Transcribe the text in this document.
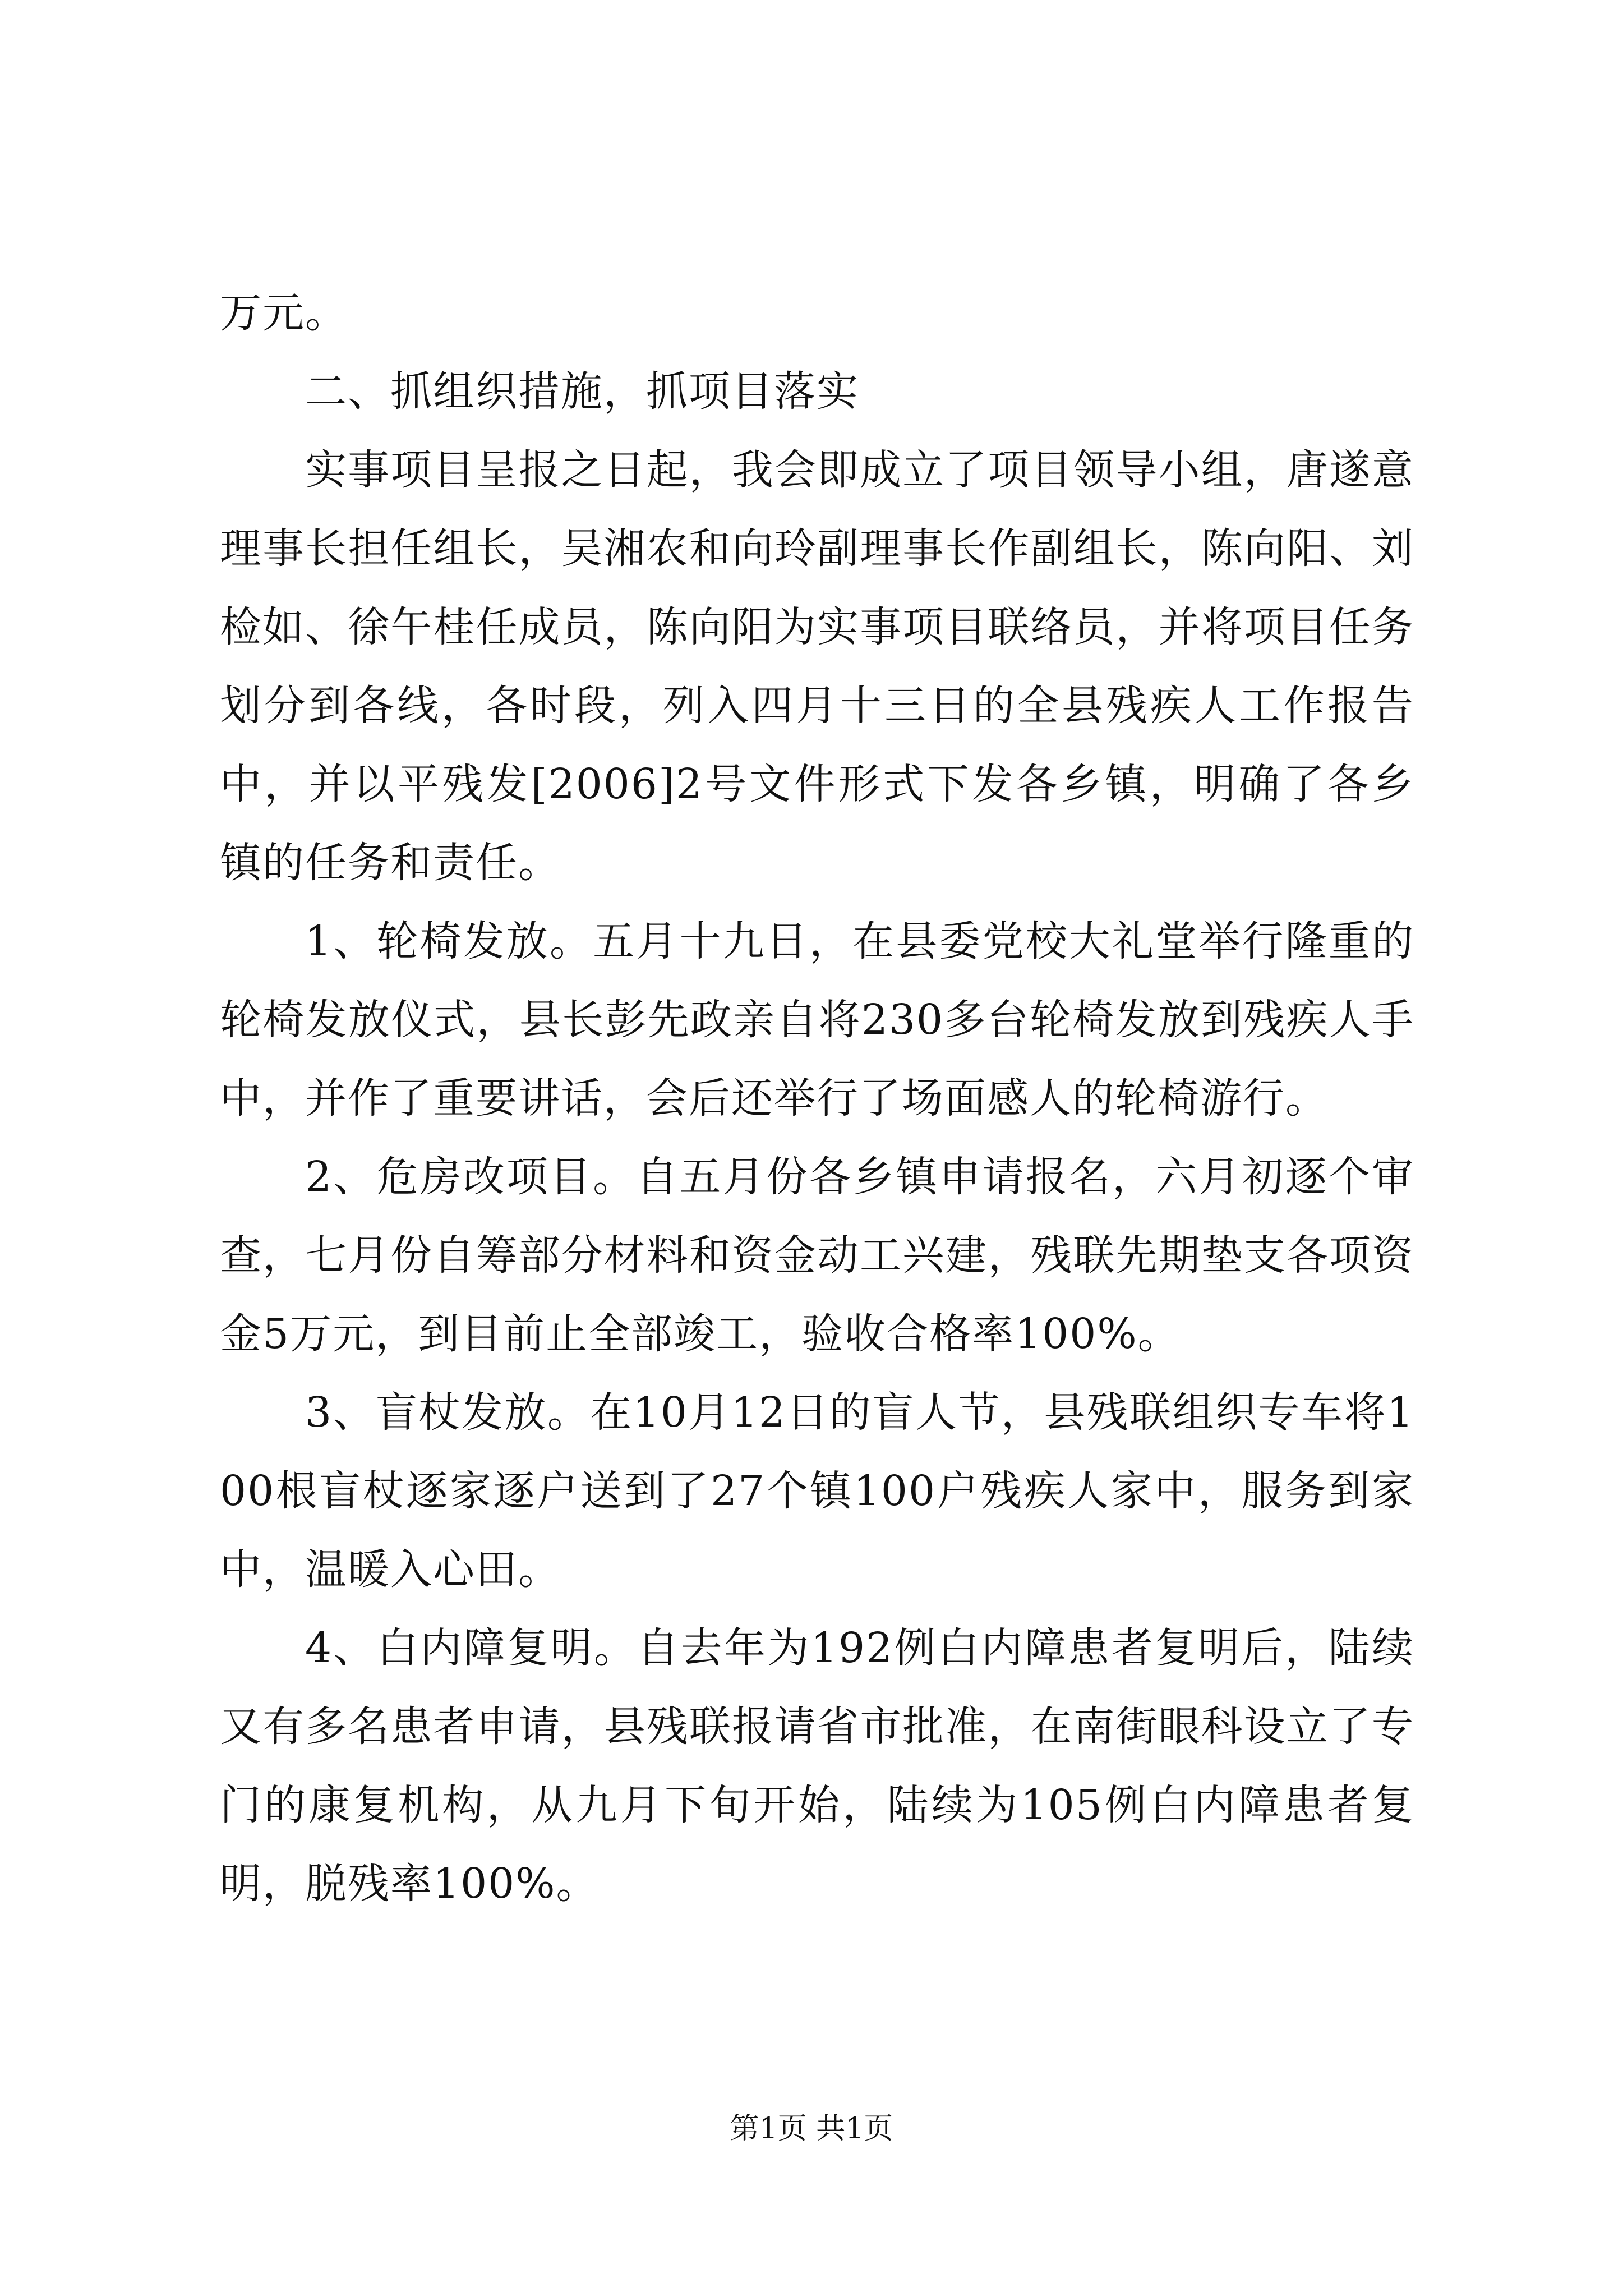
万元。

二、抓组织措施，抓项目落实

实事项目呈报之日起，我会即成立了项目领导小组，唐遂意理事长担任组长，吴湘农和向玲副理事长作副组长，陈向阳、刘检如、徐午桂任成员，陈向阳为实事项目联络员，并将项目任务划分到各线，各时段，列入四月十三日的全县残疾人工作报告中，并以平残发[2006]2号文件形式下发各乡镇，明确了各乡镇的任务和责任。

1、轮椅发放。五月十九日，在县委党校大礼堂举行隆重的轮椅发放仪式，县长彭先政亲自将230多台轮椅发放到残疾人手中，并作了重要讲话，会后还举行了场面感人的轮椅游行。

2、危房改项目。自五月份各乡镇申请报名，六月初逐个审查，七月份自筹部分材料和资金动工兴建，残联先期垫支各项资金5万元，到目前止全部竣工，验收合格率100%。

3、盲杖发放。在10月12日的盲人节，县残联组织专车将100根盲杖逐家逐户送到了27个镇100户残疾人家中，服务到家中，温暖入心田。

4、白内障复明。自去年为192例白内障患者复明后，陆续又有多名患者申请，县残联报请省市批准，在南街眼科设立了专门的康复机构，从九月下旬开始，陆续为105例白内障患者复明，脱残率100%。

第1页 共1页
